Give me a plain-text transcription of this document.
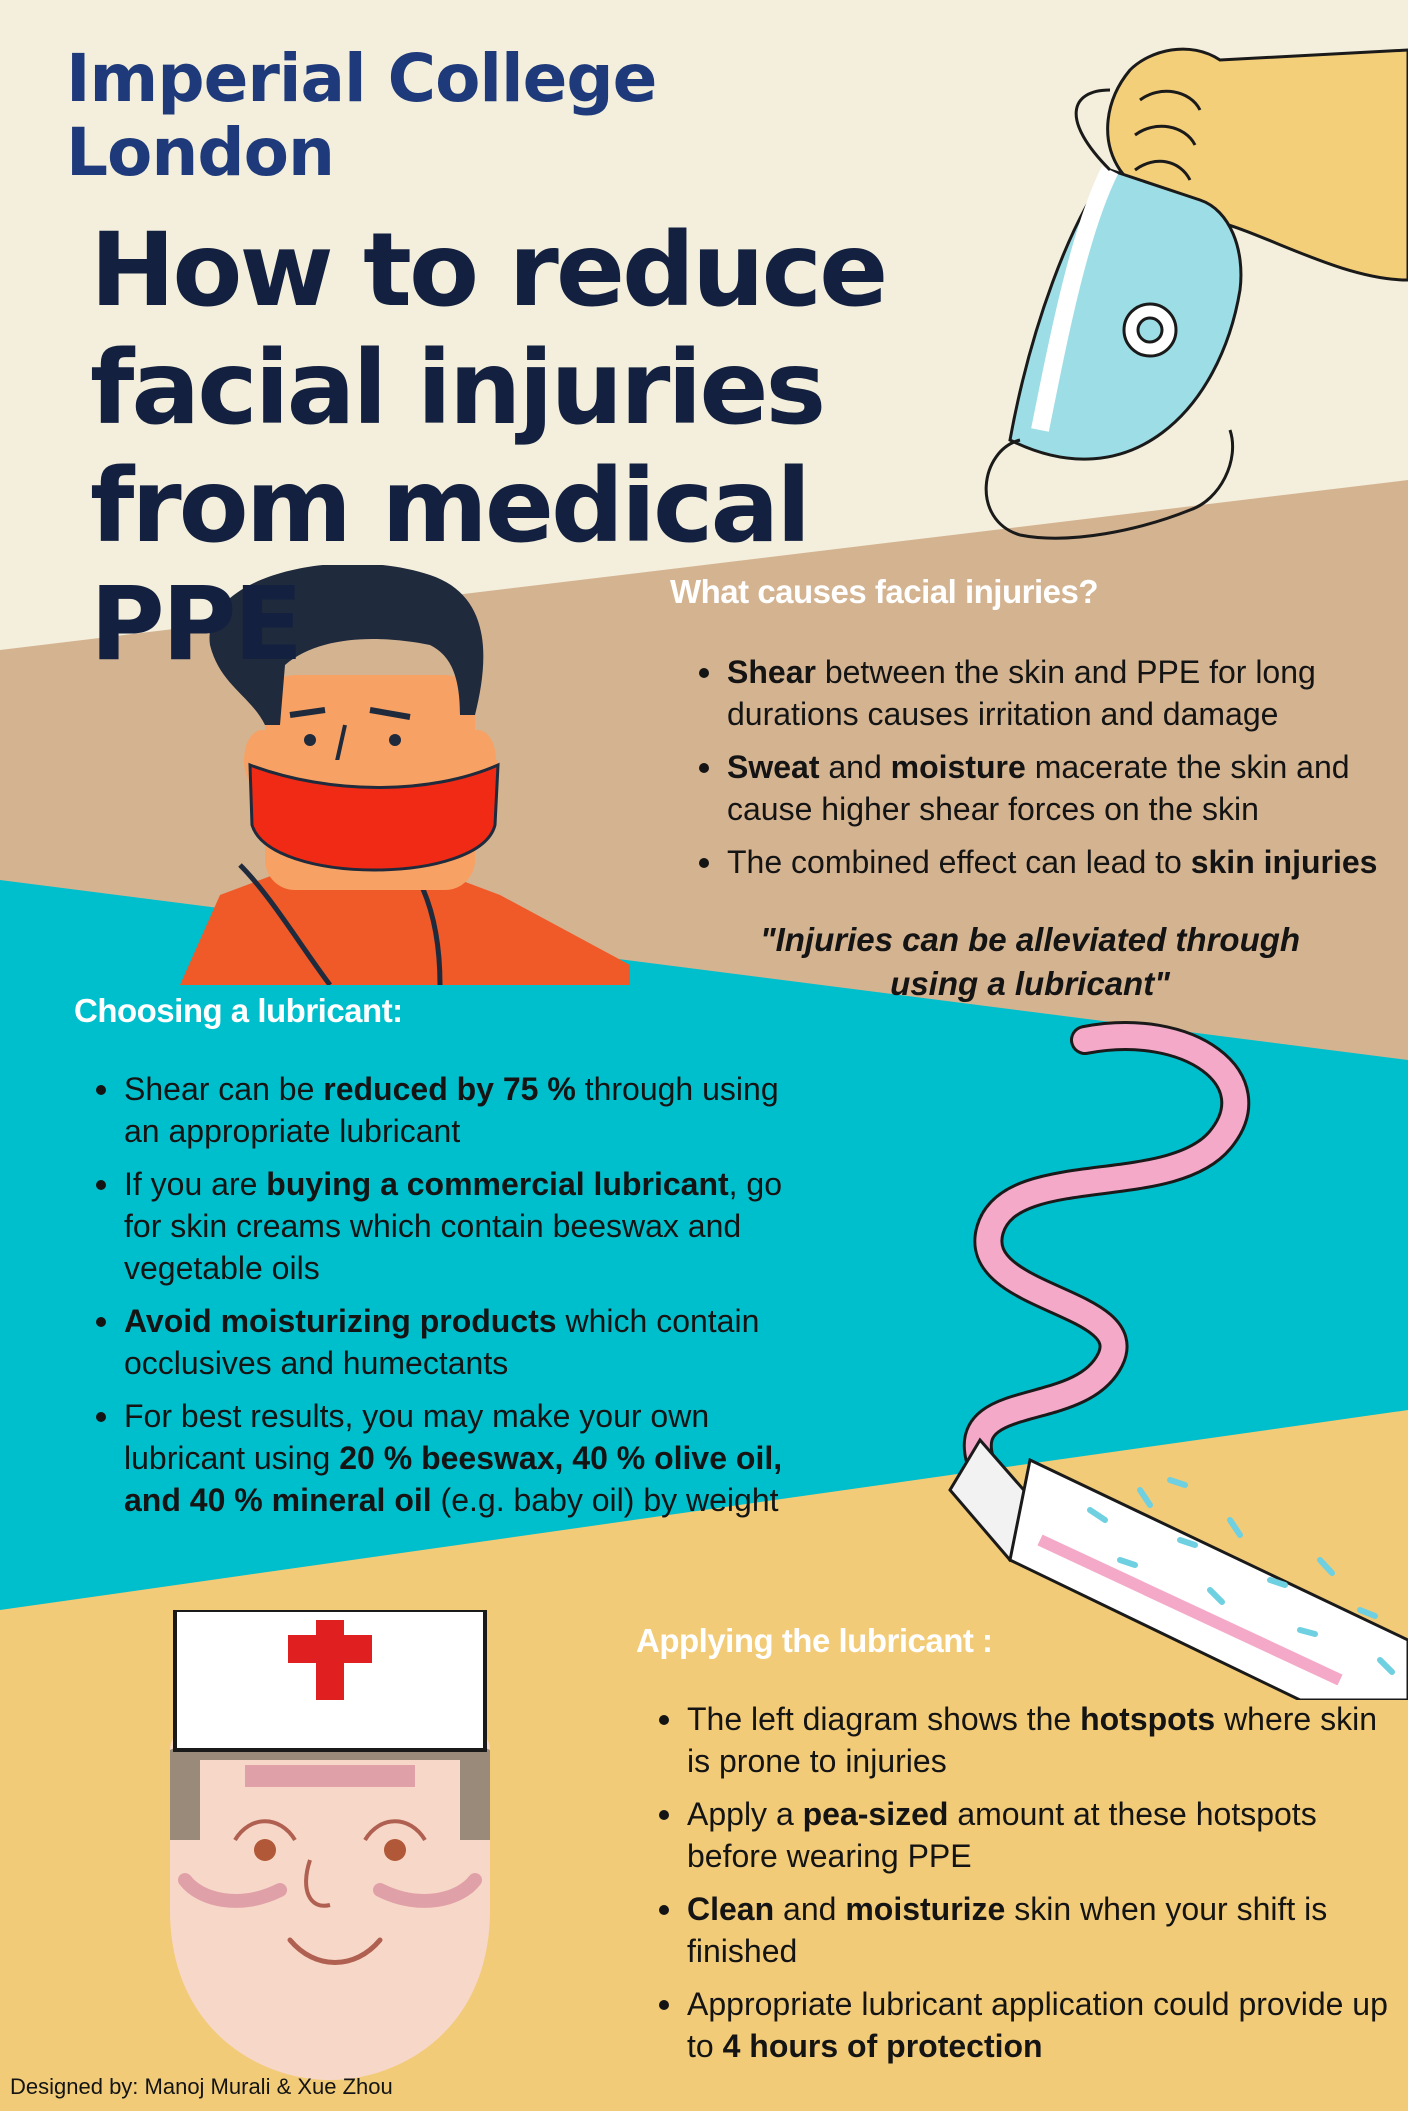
Imperial College
London
How to reduce
facial injuries
from medical PPE	What causes facial injuries?
Shear between the skin and PPE for long durations causes irritation and damage
Sweat and moisture macerate the skin and cause higher shear forces on the skin
The combined effect can lead to skin injuries
"Injuries can be alleviated through using a lubricant"
Choosing a lubricant:
Shear can be reduced by 75 % through using an appropriate lubricant
If you are buying a commercial lubricant, go for skin creams which contain beeswax and vegetable oils
Avoid moisturizing products which contain occlusives and humectants
For best results, you may make your own lubricant using 20 % beeswax, 40 % olive oil, and 40 % mineral oil (e.g. baby oil) by weight
Applying the lubricant :
The left diagram shows the hotspots where skin is prone to injuries
Apply a pea-sized amount at these hotspots before wearing PPE
Clean and moisturize skin when your shift is finished
Appropriate lubricant application could provide up to 4 hours of protection
Designed by: Manoj Murali & Xue Zhou
